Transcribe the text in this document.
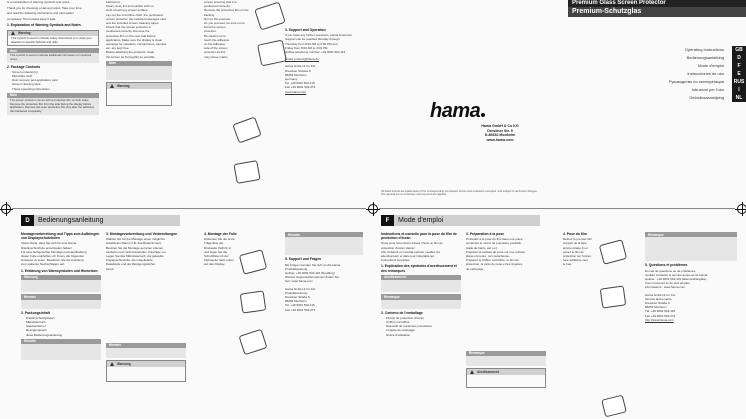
is a combination of warning symbols and notes.
Thank you for choosing a Hama product. Take your time
and read the following instructions and information
completely. Then please keep it safe.
1. Explanation of Warning Symbols and Notes
Warning
This symbol is used to indicate safety instructions or to draw your attention to specific hazards and risks.
Note
This symbol is used to indicate additional information or important notes.
2. Package Contents
• Screen protector(s)
• Microfibre cloth
• Dust remover and application card
• Screen cleaning wipe
• These operating instructions
Note
The screen protector comes with a protective film on both sides. Remove the protective film from the side facing the display before application. Remove the outer protective film only after the adhesive has hardened completely.
bathroom).
Clean, dust, lint and surface with no
cloth covering a screen surface.
Lay out the microfibre cloth, the purchased
screen protector, the included squeegee card
and the included screen cleaning wipes.
Check that the screen protector is
positioned correctly. Remove the
protective film on the rear side before
application. Make sure the display is clean
openings for speakers, microphones, camera,
etc. are kept free.
Before attaching the protector, clean
the screen as thoroughly as possible.
Note
Warning
screen ensuring that it is
positioned correctly.
Remove the protective film on the backing
film for this purpose.
As you proceed, be sure not to bend the screen
protector.
Be careful not to
touch the adhesive
on the adhesive
side of the screen
protector as this
may cause marks.
3. Support and Operation
If you have any further questions, Hama Customer
Support can be reached Monday through
Thursday from 8:00 AM to 6:00 PM and
Friday from 8:00 AM to 4:00 PM.
Hotline telephone number: +49 9091 502-115
Email: product@hama.de
Hama GmbH & Co KG
Dresdner Strasse 9
86653 Monheim
Germany
Tel. +49 9091 502-115
Fax +49 9091 502-272
www.hama.com
hama
Hama GmbH & Co KG
Dresdner Str. 9
D-86652 Monheim
www.hama.com
All listed brands are trademarks of the corresponding companies. Errors and omissions excepted, and subject to technical changes. Our general terms of delivery and payment are applied.
Premium Glass Screen Protector
Premium-Schutzglas
Operating Instructions	GB
Bedienungsanleitung	D
Mode d'emploi	F
Instrucciones de uso	E
Руководство по эксплуатации	RUS
Istruzioni per l'uso	I
Gebruiksaanwijzing	NL
D	Bedienungsanleitung
Montagevorbereitung und Tipps zum Aufbringen von Displayschutzfolien
Vielen Dank, dass Sie sich für eine Hama
Displayschutzfolie entschieden haben!
Für eine fachgerechte Montage und Handhabung
dieser Folie empfehlen wir Ihnen, die folgenden
Hinweise zu lesen. Bewahren Sie die Anleitung
zum späteren Nachschlagen auf.
1. Erklärung von Warnsymbolen und Hinweisen
Warnung
Hinweis
2. Packungsinhalt
• Displayschutzglas(er)
• Mikrofasertuch
• Staubentferner
• Reinigungstuch
• diese Bedienungsanleitung
Hinweis
3. Montagevorbereitung und Vorbereitungen
Wählen Sie für die Montage einen möglichst
staubfreien Raum (z.B. das Badezimmer).
Bereiten Sie die Montage auf einer ebenen,
sauberen und nicht fusselnden Unterlage vor.
Legen Sie das Mikrofasertuch, die gekaufte
Displayschutzfolie, die mitgelieferte
Rakelkarte und die Reinigungstücher
bereit.
Hinweis
Warnung
4. Montage der Folie
Entfernen Sie die erste
Trägerfolie der
Rückseite (Schritt 1)
und legen Sie die
Schutzfolie mit der
Klebeseite nach unten
auf das Display.
Hinweis
5. Support und Fragen
Bei Fragen wenden Sie sich an die Hama
Produktberatung.
Hotline: +49 9091 502-115 (Deu/Eng)
Weitere Supportinformationen finden Sie
hier: www.hama.com
Hama GmbH & Co KG
Produktberatung
Dresdner Straße 9
86653 Monheim
Tel. +49 9091 502-115
Fax +49 9091 502-272
F	Mode d'emploi
Instructions et conseils pour la pose du film de protection d'écran
Nous vous remercions d'avoir choisi un film de
protection d'écran Hama !
Afin d'obtenir un résultat optimal, veuillez lire
attentivement et dans leur intégralité les
instructions suivantes.
1. Explication des symboles d'avertissement et des remarques
Avertissement
Remarque
2. Contenu de l'emballage
• Film(s) de protection d'écran
• Chiffon microfibre
• Dispositif de retrait des poussières
• Lingette de nettoyage
• Notice d'utilisation
3. Préparation à la pose
Procédez à la pose du film dans une pièce
contenant le moins de poussière possible
(salle de bains, par ex.).
Préparez la surface de pose sur une surface
plane et propre, non pelucheuse.
Préparez le chiffon microfibre, le film de
protection, la carte de pose et les lingettes
de nettoyage.
Remarque
Avertissement
4. Pose du film
Retirez le premier film
support de la face
arrière (étape 1) et
posez le film de
protection sur l'écran,
face adhésive vers
le bas.
Remarque
5. Questions et problèmes
En cas de questions ou de problèmes,
veuillez contacter le service après-vente Hama.
Hotline : +49 9091 502-115 (allemand/anglais)
Vous trouverez ici de plus amples
informations : www.hama.com
Hama GmbH & Co KG
Service après-vente
Dresdner Straße 9
86653 Monheim
Tél. +49 9091 502-115
Fax +49 9091 502-272
http://www.hama.com
